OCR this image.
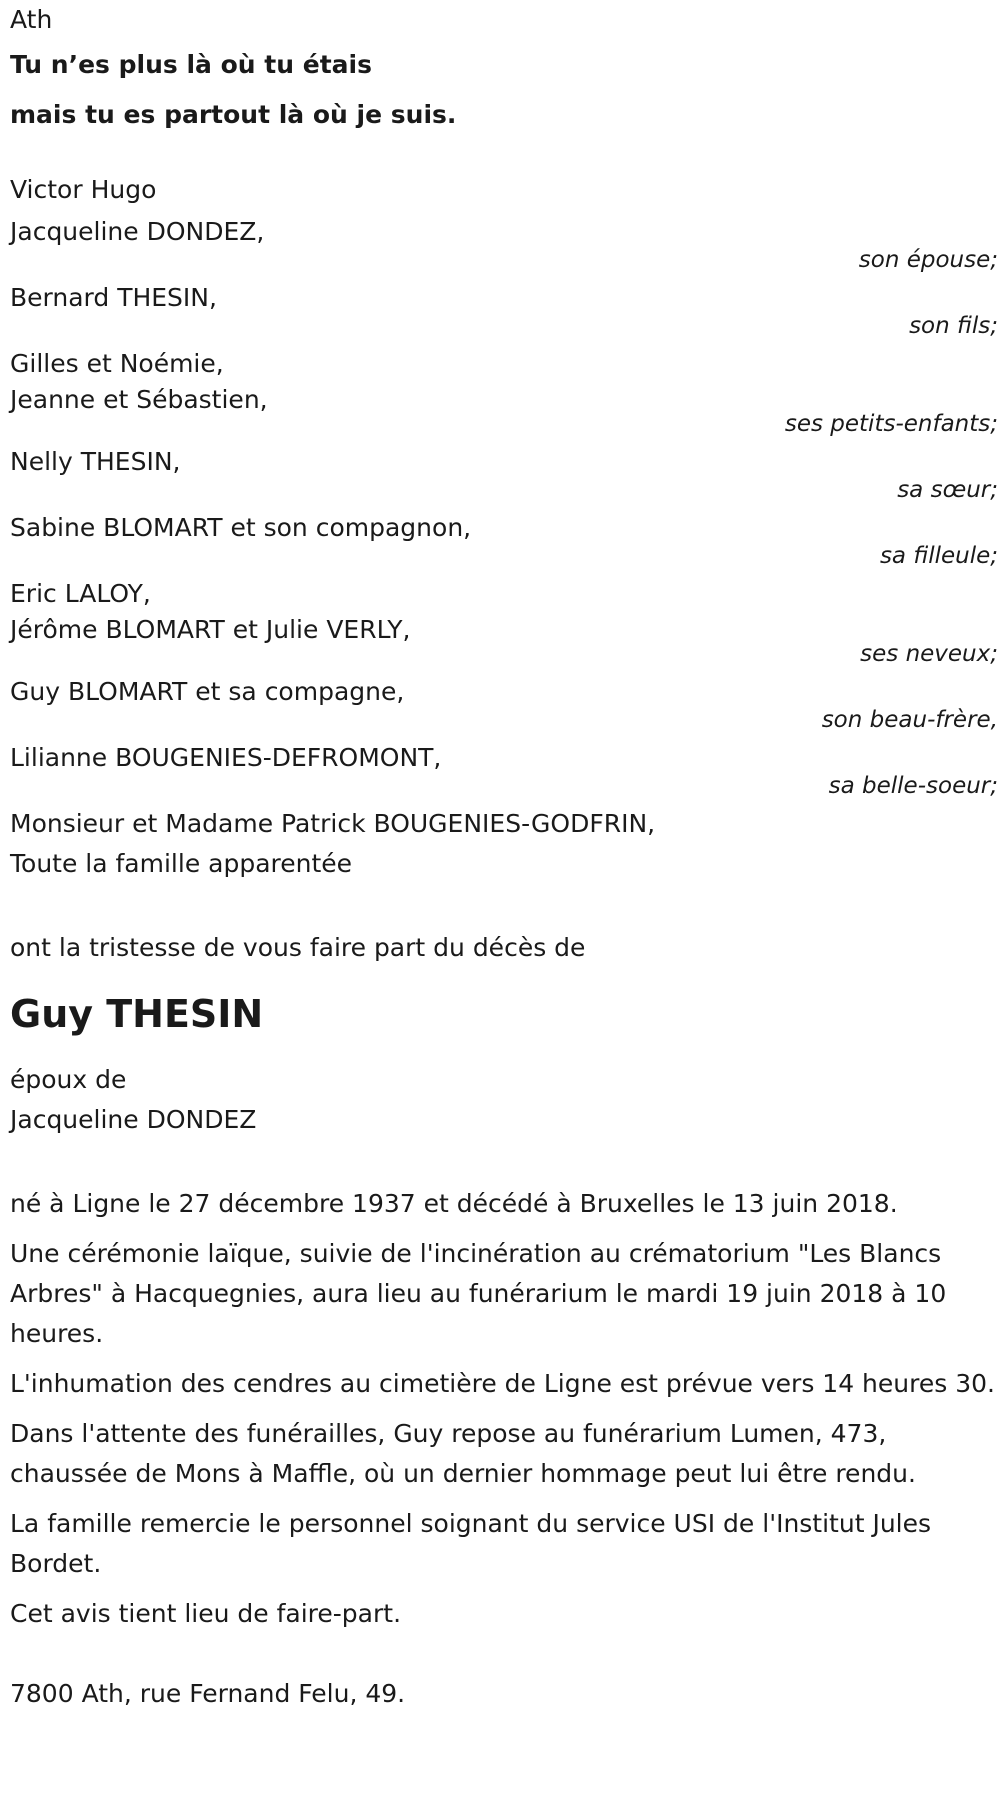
Ath
Tu n’es plus là où tu étais
mais tu es partout là où je suis.
Victor Hugo
Jacqueline DONDEZ,
son épouse;
Bernard THESIN,
son fils;
Gilles et Noémie,
Jeanne et Sébastien,
ses petits-enfants;
Nelly THESIN,
sa sœur;
Sabine BLOMART et son compagnon,
sa filleule;
Eric LALOY,
Jérôme BLOMART et Julie VERLY,
ses neveux;
Guy BLOMART et sa compagne,
son beau-frère,
Lilianne BOUGENIES-DEFROMONT,
sa belle-soeur;
Monsieur et Madame Patrick BOUGENIES-GODFRIN,
Toute la famille apparentée
ont la tristesse de vous faire part du décès de
Guy THESIN
époux de
Jacqueline DONDEZ
né à Ligne le 27 décembre 1937 et décédé à Bruxelles le 13 juin 2018.
Une cérémonie laïque, suivie de l'incinération au crématorium "Les Blancs Arbres" à Hacquegnies, aura lieu au funérarium le mardi 19 juin 2018 à 10 heures.
L'inhumation des cendres au cimetière de Ligne est prévue vers 14 heures 30.
Dans l'attente des funérailles, Guy repose au funérarium Lumen, 473, chaussée de Mons à Maffle, où un dernier hommage peut lui être rendu.
La famille remercie le personnel soignant du service USI de l'Institut Jules Bordet.
Cet avis tient lieu de faire-part.
7800 Ath, rue Fernand Felu, 49.
